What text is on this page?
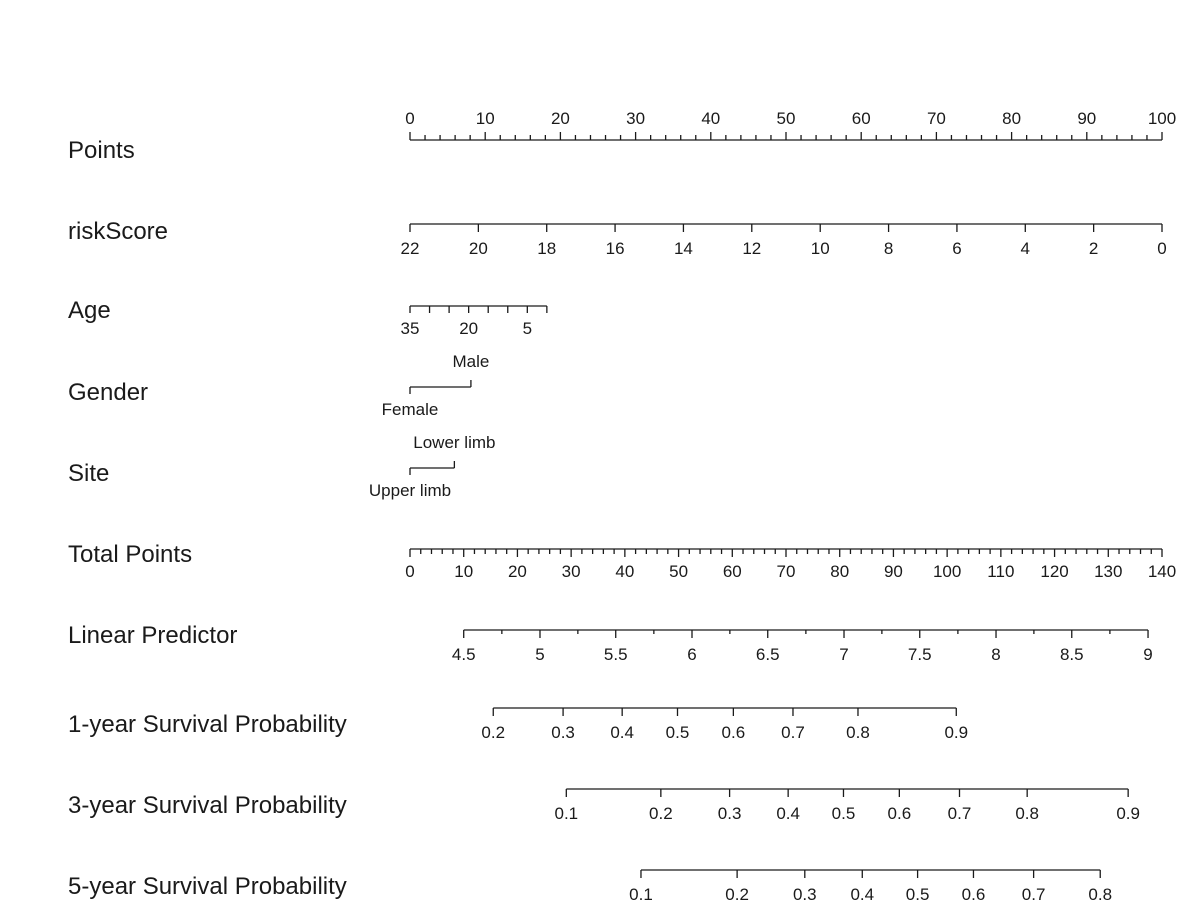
Points
riskScore
Age
Gender
Site
Total Points
Linear Predictor
1-year Survival Probability
3-year Survival Probability
5-year Survival Probability
0	10	20	30	40	50	60	70	80	90	100
22	20	18	16	14	12	10	8	6	4	2	0
35 20	5
Female
Male
Upper limb
Lower limb
0 10 20 30 40 50 60 70 80 90 100 110 120 130 140
4.5	5	5.5	6	6.5	7	7.5	8	8.5	9
0.2	0.3 0.4 0.5 0.6 0.7 0.8	0.9
0.1	0.2	0.3 0.4 0.5 0.6 0.7	0.8	0.9
0.1	0.2	0.3 0.4 0.5 0.6 0.7	0.8
